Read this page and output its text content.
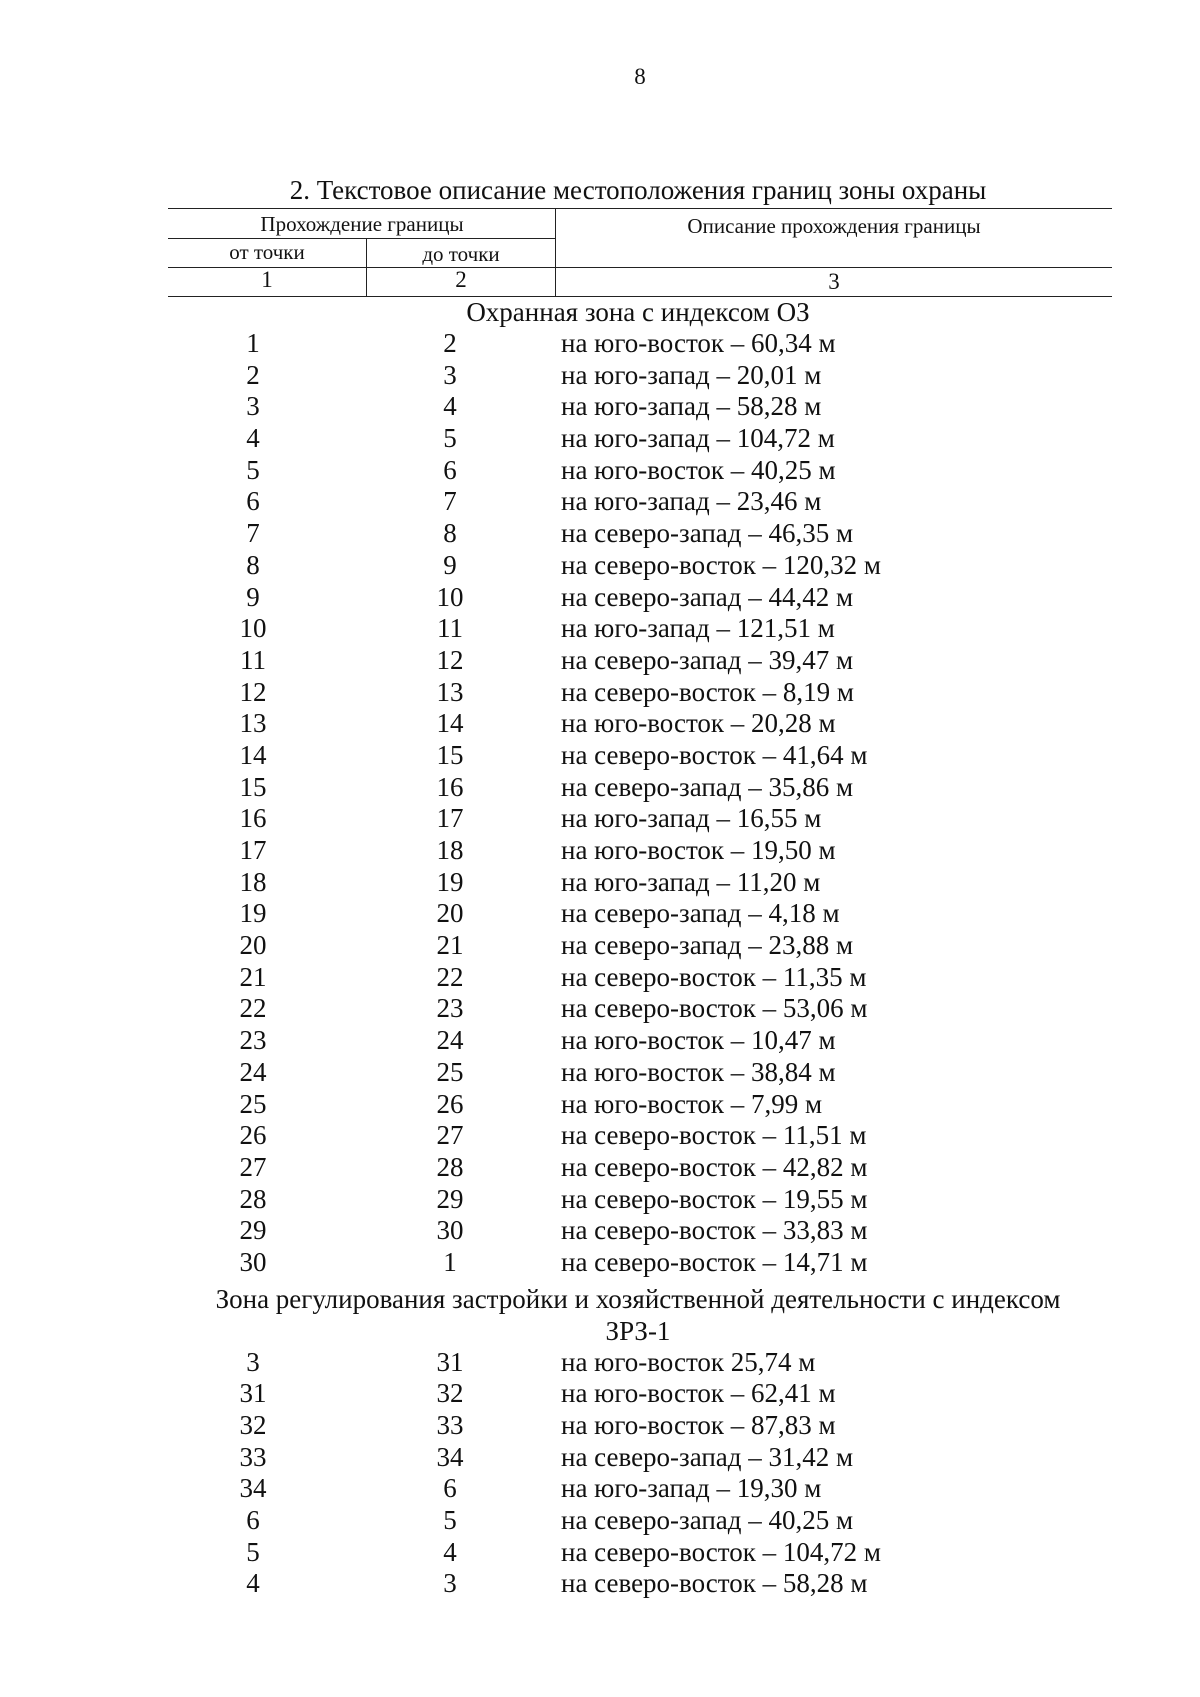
8
2. Текстовое описание местоположения границ зоны охраны
Прохождение границы	Описание прохождения границы
от точки	до точки
1	2	3
Охранная зона с индексом ОЗ
1	2	на юго-восток – 60,34 м
2	3	на юго-запад – 20,01 м
3	4	на юго-запад – 58,28 м
4	5	на юго-запад – 104,72 м
5	6	на юго-восток – 40,25 м
6	7	на юго-запад – 23,46 м
7	8	на северо-запад – 46,35 м
8	9	на северо-восток – 120,32 м
9	10	на северо-запад – 44,42 м
10	11	на юго-запад – 121,51 м
11	12	на северо-запад – 39,47 м
12	13	на северо-восток – 8,19 м
13	14	на юго-восток – 20,28 м
14	15	на северо-восток – 41,64 м
15	16	на северо-запад – 35,86 м
16	17	на юго-запад – 16,55 м
17	18	на юго-восток – 19,50 м
18	19	на юго-запад – 11,20 м
19	20	на северо-запад – 4,18 м
20	21	на северо-запад – 23,88 м
21	22	на северо-восток – 11,35 м
22	23	на северо-восток – 53,06 м
23	24	на юго-восток – 10,47 м
24	25	на юго-восток – 38,84 м
25	26	на юго-восток – 7,99 м
26	27	на северо-восток – 11,51 м
27	28	на северо-восток – 42,82 м
28	29	на северо-восток – 19,55 м
29	30	на северо-восток – 33,83 м
30	1	на северо-восток – 14,71 м
Зона регулирования застройки и хозяйственной деятельности с индексом
ЗРЗ-1
3	31	на юго-восток 25,74 м
31	32	на юго-восток – 62,41 м
32	33	на юго-восток – 87,83 м
33	34	на северо-запад – 31,42 м
34	6	на юго-запад – 19,30 м
6	5	на северо-запад – 40,25 м
5	4	на северо-восток – 104,72 м
4	3	на северо-восток – 58,28 м
